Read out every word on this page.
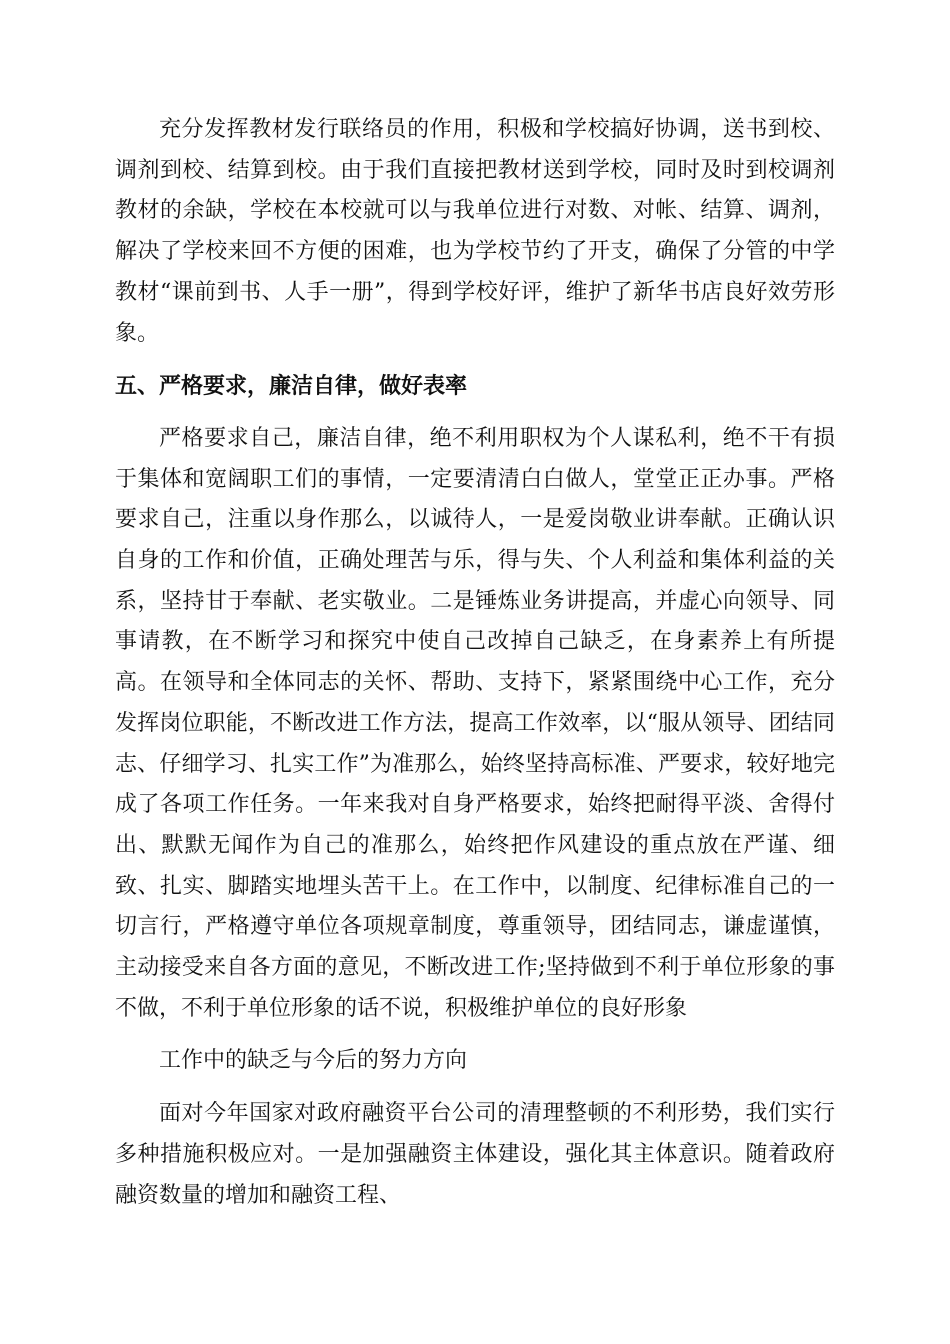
充分发挥教材发行联络员的作用，积极和学校搞好协调，送书到校、调剂到校、结算到校。由于我们直接把教材送到学校，同时及时到校调剂教材的余缺，学校在本校就可以与我单位进行对数、对帐、结算、调剂，解决了学校来回不方便的困难，也为学校节约了开支，确保了分管的中学教材“课前到书、人手一册”，得到学校好评，维护了新华书店良好效劳形象。

五、严格要求，廉洁自律，做好表率

严格要求自己，廉洁自律，绝不利用职权为个人谋私利，绝不干有损于集体和宽阔职工们的事情，一定要清清白白做人，堂堂正正办事。严格要求自己，注重以身作那么，以诚待人，一是爱岗敬业讲奉献。正确认识自身的工作和价值，正确处理苦与乐，得与失、个人利益和集体利益的关系，坚持甘于奉献、老实敬业。二是锤炼业务讲提高，并虚心向领导、同事请教，在不断学习和探究中使自己改掉自己缺乏，在身素养上有所提高。在领导和全体同志的关怀、帮助、支持下，紧紧围绕中心工作，充分发挥岗位职能，不断改进工作方法，提高工作效率，以“服从领导、团结同志、仔细学习、扎实工作”为准那么，始终坚持高标准、严要求，较好地完成了各项工作任务。一年来我对自身严格要求，始终把耐得平淡、舍得付出、默默无闻作为自己的准那么，始终把作风建设的重点放在严谨、细致、扎实、脚踏实地埋头苦干上。在工作中，以制度、纪律标准自己的一切言行，严格遵守单位各项规章制度，尊重领导，团结同志，谦虚谨慎，主动接受来自各方面的意见，不断改进工作;坚持做到不利于单位形象的事不做，不利于单位形象的话不说，积极维护单位的良好形象

工作中的缺乏与今后的努力方向

面对今年国家对政府融资平台公司的清理整顿的不利形势，我们实行多种措施积极应对。一是加强融资主体建设，强化其主体意识。随着政府融资数量的增加和融资工程、
